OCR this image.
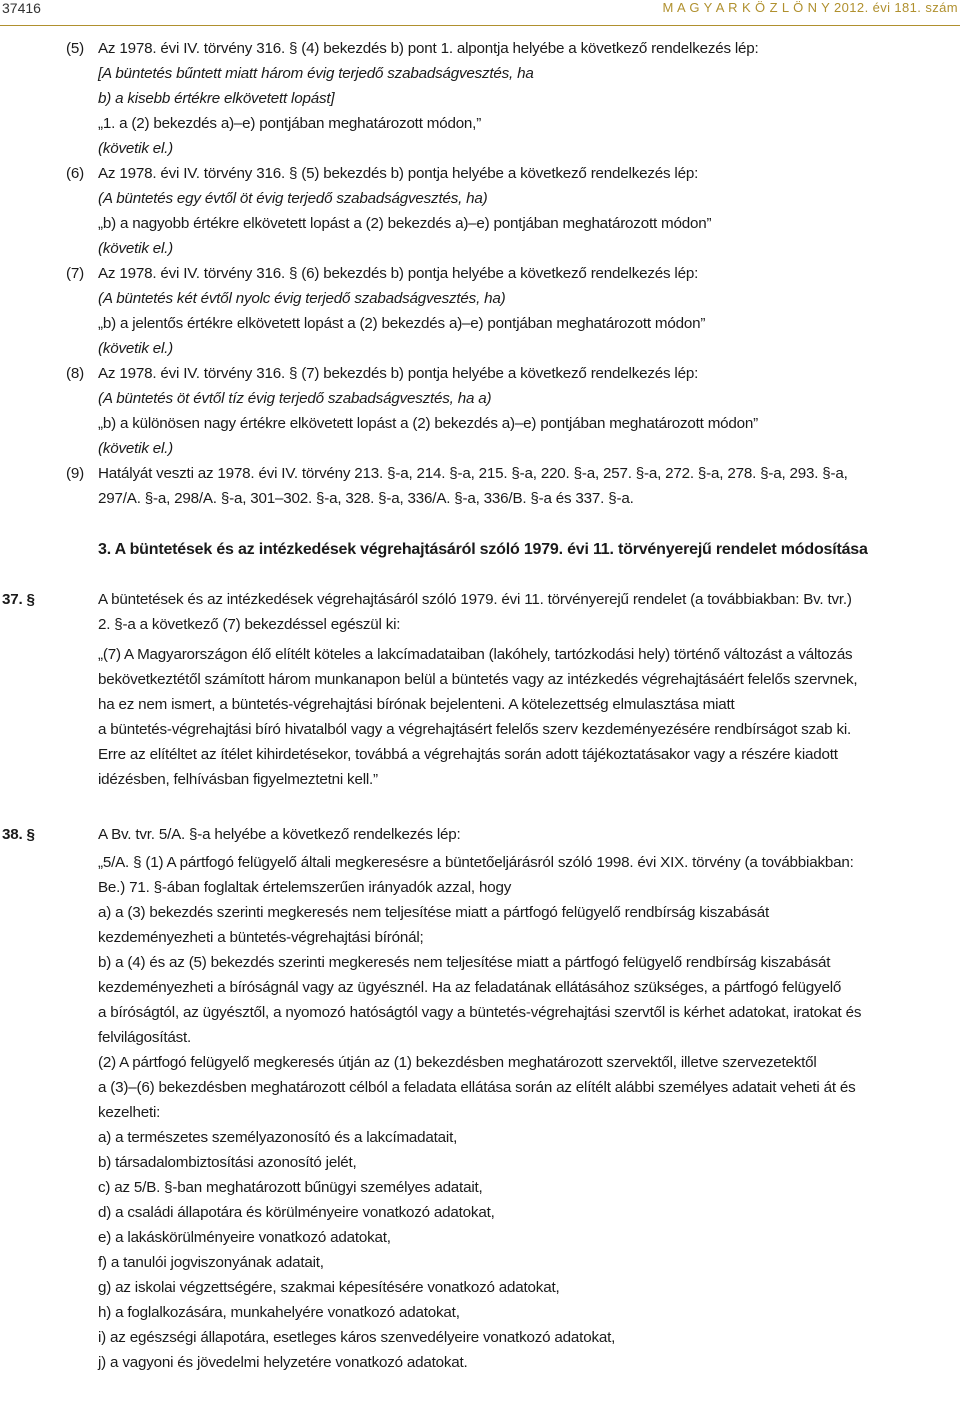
37416	M A G Y A R K Ö Z L Ö N Y 2012. évi 181. szám
(5) Az 1978. évi IV. törvény 316. § (4) bekezdés b) pont 1. alpontja helyébe a következő rendelkezés lép:
[A büntetés bűntett miatt három évig terjedő szabadságvesztés, ha
b) a kisebb értékre elkövetett lopást]
„1. a (2) bekezdés a)–e) pontjában meghatározott módon,”
(követik el.)
(6) Az 1978. évi IV. törvény 316. § (5) bekezdés b) pontja helyébe a következő rendelkezés lép:
(A büntetés egy évtől öt évig terjedő szabadságvesztés, ha)
„b) a nagyobb értékre elkövetett lopást a (2) bekezdés a)–e) pontjában meghatározott módon”
(követik el.)
(7) Az 1978. évi IV. törvény 316. § (6) bekezdés b) pontja helyébe a következő rendelkezés lép:
(A büntetés két évtől nyolc évig terjedő szabadságvesztés, ha)
„b) a jelentős értékre elkövetett lopást a (2) bekezdés a)–e) pontjában meghatározott módon”
(követik el.)
(8) Az 1978. évi IV. törvény 316. § (7) bekezdés b) pontja helyébe a következő rendelkezés lép:
(A büntetés öt évtől tíz évig terjedő szabadságvesztés, ha a)
„b) a különösen nagy értékre elkövetett lopást a (2) bekezdés a)–e) pontjában meghatározott módon”
(követik el.)
(9) Hatályát veszti az 1978. évi IV. törvény 213. §-a, 214. §-a, 215. §-a, 220. §-a, 257. §-a, 272. §-a, 278. §-a, 293. §-a,
297/A. §-a, 298/A. §-a, 301–302. §-a, 328. §-a, 336/A. §-a, 336/B. §-a és 337. §-a.
3. A büntetések és az intézkedések végrehajtásáról szóló 1979. évi 11. törvényerejű rendelet módosítása
37. §	A büntetések és az intézkedések végrehajtásáról szóló 1979. évi 11. törvényerejű rendelet (a továbbiakban: Bv. tvr.)
2. §-a a következő (7) bekezdéssel egészül ki:
„(7) A Magyarországon élő elítélt köteles a lakcímadataiban (lakóhely, tartózkodási hely) történő változást a változás
bekövetkeztétől számított három munkanapon belül a büntetés vagy az intézkedés végrehajtásáért felelős szervnek,
ha ez nem ismert, a büntetés-végrehajtási bírónak bejelenteni. A kötelezettség elmulasztása miatt
a büntetés-végrehajtási bíró hivatalból vagy a végrehajtásért felelős szerv kezdeményezésére rendbírságot szab ki.
Erre az elítéltet az ítélet kihirdetésekor, továbbá a végrehajtás során adott tájékoztatásakor vagy a részére kiadott
idézésben, felhívásban figyelmeztetni kell.”
38. §	A Bv. tvr. 5/A. §-a helyébe a következő rendelkezés lép:
„5/A. § (1) A pártfogó felügyelő általi megkeresésre a büntetőeljárásról szóló 1998. évi XIX. törvény (a továbbiakban:
Be.) 71. §-ában foglaltak értelemszerűen irányadók azzal, hogy
a) a (3) bekezdés szerinti megkeresés nem teljesítése miatt a pártfogó felügyelő rendbírság kiszabását
kezdeményezheti a büntetés-végrehajtási bírónál;
b) a (4) és az (5) bekezdés szerinti megkeresés nem teljesítése miatt a pártfogó felügyelő rendbírság kiszabását
kezdeményezheti a bíróságnál vagy az ügyésznél. Ha az feladatának ellátásához szükséges, a pártfogó felügyelő
a bíróságtól, az ügyésztől, a nyomozó hatóságtól vagy a büntetés-végrehajtási szervtől is kérhet adatokat, iratokat és
felvilágosítást.
(2) A pártfogó felügyelő megkeresés útján az (1) bekezdésben meghatározott szervektől, illetve szervezetektől
a (3)–(6) bekezdésben meghatározott célból a feladata ellátása során az elítélt alábbi személyes adatait veheti át és
kezelheti:
a) a természetes személyazonosító és a lakcímadatait,
b) társadalombiztosítási azonosító jelét,
c) az 5/B. §-ban meghatározott bűnügyi személyes adatait,
d) a családi állapotára és körülményeire vonatkozó adatokat,
e) a lakáskörülményeire vonatkozó adatokat,
f) a tanulói jogviszonyának adatait,
g) az iskolai végzettségére, szakmai képesítésére vonatkozó adatokat,
h) a foglalkozására, munkahelyére vonatkozó adatokat,
i) az egészségi állapotára, esetleges káros szenvedélyeire vonatkozó adatokat,
j) a vagyoni és jövedelmi helyzetére vonatkozó adatokat.
